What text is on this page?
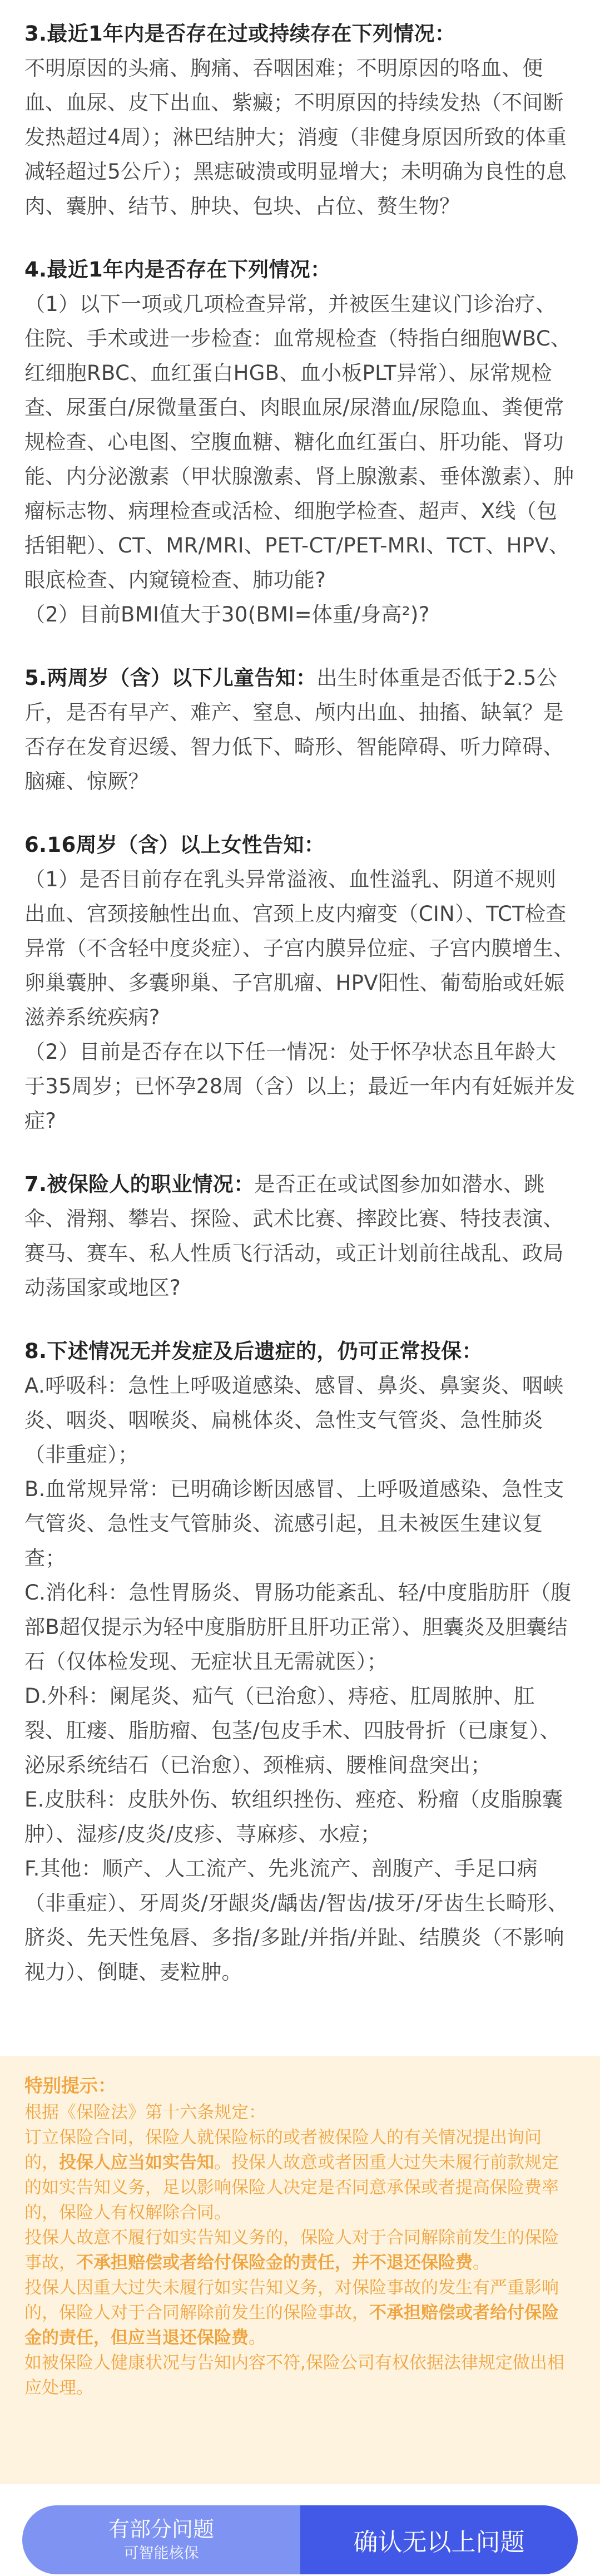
3.最近1年内是否存在过或持续存在下列情况：
不明原因的头痛、胸痛、吞咽困难；不明原因的咯血、便血、血尿、皮下出血、紫癜；不明原因的持续发热（不间断发热超过4周）；淋巴结肿大；消瘦（非健身原因所致的体重减轻超过5公斤）；黑痣破溃或明显增大；未明确为良性的息肉、囊肿、结节、肿块、包块、占位、赘生物？
4.最近1年内是否存在下列情况：
（1）以下一项或几项检查异常，并被医生建议门诊治疗、住院、手术或进一步检查：血常规检查（特指白细胞WBC、红细胞RBC、血红蛋白HGB、血小板PLT异常）、尿常规检查、尿蛋白/尿微量蛋白、肉眼血尿/尿潜血/尿隐血、粪便常规检查、心电图、空腹血糖、糖化血红蛋白、肝功能、肾功能、内分泌激素（甲状腺激素、肾上腺激素、垂体激素）、肿瘤标志物、病理检查或活检、细胞学检查、超声、X线（包括钼靶）、CT、MR/MRI、PET-CT/PET-MRI、TCT、HPV、眼底检查、内窥镜检查、肺功能?
（2）目前BMI值大于30(BMI=体重/身高²)?
5.两周岁（含）以下儿童告知：出生时体重是否低于2.5公斤，是否有早产、难产、窒息、颅内出血、抽搐、缺氧？是否存在发育迟缓、智力低下、畸形、智能障碍、听力障碍、脑瘫、惊厥？
6.16周岁（含）以上女性告知：
（1）是否目前存在乳头异常溢液、血性溢乳、阴道不规则出血、宫颈接触性出血、宫颈上皮内瘤变（CIN）、TCT检查异常（不含轻中度炎症）、子宫内膜异位症、子宫内膜增生、卵巢囊肿、多囊卵巢、子宫肌瘤、HPV阳性、葡萄胎或妊娠滋养系统疾病?
（2）目前是否存在以下任一情况：处于怀孕状态且年龄大于35周岁；已怀孕28周（含）以上；最近一年内有妊娠并发症?
7.被保险人的职业情况：是否正在或试图参加如潜水、跳伞、滑翔、攀岩、探险、武术比赛、摔跤比赛、特技表演、赛马、赛车、私人性质飞行活动，或正计划前往战乱、政局动荡国家或地区?
8.下述情况无并发症及后遗症的，仍可正常投保：
A.呼吸科：急性上呼吸道感染、感冒、鼻炎、鼻窦炎、咽峡炎、咽炎、咽喉炎、扁桃体炎、急性支气管炎、急性肺炎（非重症）；
B.血常规异常：已明确诊断因感冒、上呼吸道感染、急性支气管炎、急性支气管肺炎、流感引起，且未被医生建议复查；
C.消化科：急性胃肠炎、胃肠功能紊乱、轻/中度脂肪肝（腹部B超仅提示为轻中度脂肪肝且肝功正常）、胆囊炎及胆囊结石（仅体检发现、无症状且无需就医）；
D.外科：阑尾炎、疝气（已治愈）、痔疮、肛周脓肿、肛裂、肛瘘、脂肪瘤、包茎/包皮手术、四肢骨折（已康复）、泌尿系统结石（已治愈）、颈椎病、腰椎间盘突出；
E.皮肤科：皮肤外伤、软组织挫伤、痤疮、粉瘤（皮脂腺囊肿）、湿疹/皮炎/皮疹、荨麻疹、水痘；
F.其他：顺产、人工流产、先兆流产、剖腹产、手足口病（非重症）、牙周炎/牙龈炎/龋齿/智齿/拔牙/牙齿生长畸形、脐炎、先天性兔唇、多指/多趾/并指/并趾、结膜炎（不影响视力）、倒睫、麦粒肿。
特别提示：
根据《保险法》第十六条规定：
订立保险合同，保险人就保险标的或者被保险人的有关情况提出询问的，投保人应当如实告知。投保人故意或者因重大过失未履行前款规定的如实告知义务，足以影响保险人决定是否同意承保或者提高保险费率的，保险人有权解除合同。
投保人故意不履行如实告知义务的，保险人对于合同解除前发生的保险事故，不承担赔偿或者给付保险金的责任，并不退还保险费。
投保人因重大过失未履行如实告知义务，对保险事故的发生有严重影响的，保险人对于合同解除前发生的保险事故，不承担赔偿或者给付保险金的责任，但应当退还保险费。
如被保险人健康状况与告知内容不符,保险公司有权依据法律规定做出相应处理。
有部分问题
可智能核保	确认无以上问题
